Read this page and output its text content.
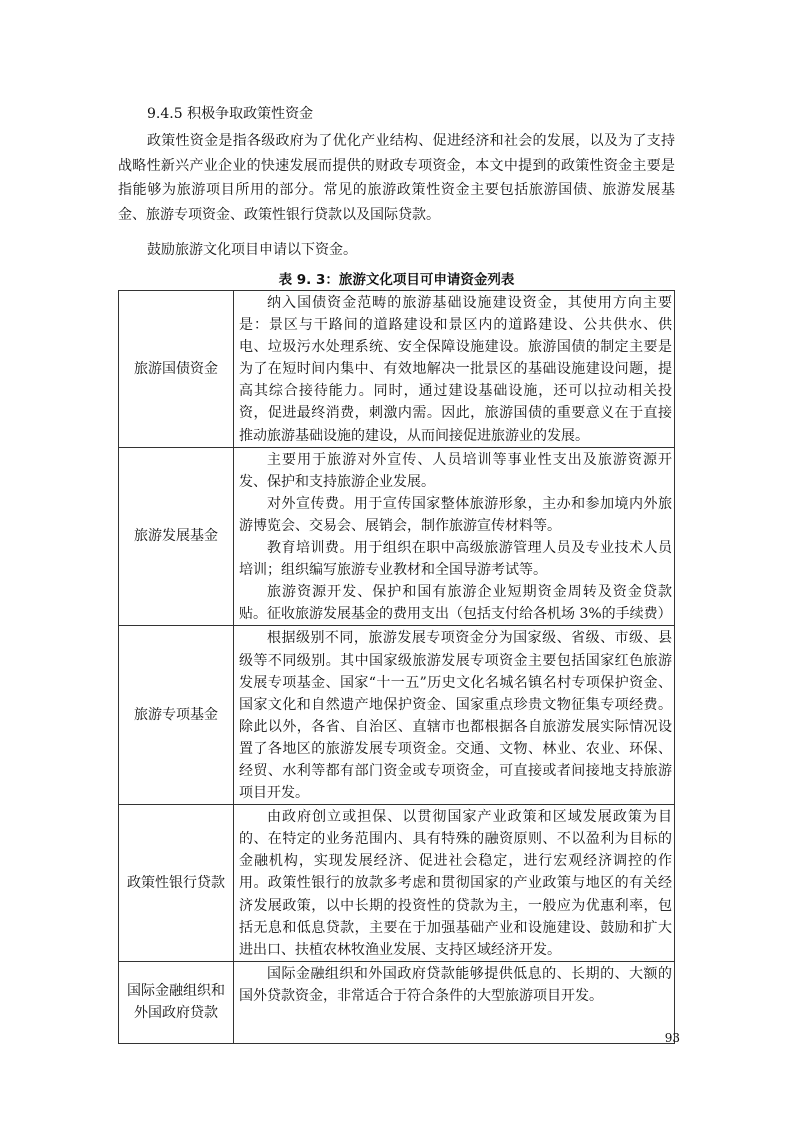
9.4.5 积极争取政策性资金

政策性资金是指各级政府为了优化产业结构、促进经济和社会的发展，以及为了支持战略性新兴产业企业的快速发展而提供的财政专项资金，本文中提到的政策性资金主要是指能够为旅游项目所用的部分。常见的旅游政策性资金主要包括旅游国债、旅游发展基金、旅游专项资金、政策性银行贷款以及国际贷款。

鼓励旅游文化项目申请以下资金。

表 9. 3：旅游文化项目可申请资金列表

旅游国债资金	纳入国债资金范畴的旅游基础设施建设资金，其使用方向主要是：景区与干路间的道路建设和景区内的道路建设、公共供水、供电、垃圾污水处理系统、安全保障设施建设。旅游国债的制定主要是为了在短时间内集中、有效地解决一批景区的基础设施建设问题，提高其综合接待能力。同时，通过建设基础设施，还可以拉动相关投资，促进最终消费，刺激内需。因此，旅游国债的重要意义在于直接推动旅游基础设施的建设，从而间接促进旅游业的发展。

旅游发展基金	主要用于旅游对外宣传、人员培训等事业性支出及旅游资源开发、保护和支持旅游企业发展。

对外宣传费。用于宣传国家整体旅游形象，主办和参加境内外旅游博览会、交易会、展销会，制作旅游宣传材料等。

教育培训费。用于组织在职中高级旅游管理人员及专业技术人员培训；组织编写旅游专业教材和全国导游考试等。

旅游资源开发、保护和国有旅游企业短期资金周转及资金贷款贴。征收旅游发展基金的费用支出（包括支付给各机场 3%的手续费）

旅游专项基金	根据级别不同，旅游发展专项资金分为国家级、省级、市级、县级等不同级别。其中国家级旅游发展专项资金主要包括国家红色旅游发展专项基金、国家“十一五”历史文化名城名镇名村专项保护资金、国家文化和自然遗产地保护资金、国家重点珍贵文物征集专项经费。除此以外，各省、自治区、直辖市也都根据各自旅游发展实际情况设置了各地区的旅游发展专项资金。交通、文物、林业、农业、环保、经贸、水利等都有部门资金或专项资金，可直接或者间接地支持旅游项目开发。

政策性银行贷款	由政府创立或担保、以贯彻国家产业政策和区域发展政策为目的、在特定的业务范围内、具有特殊的融资原则、不以盈利为目标的金融机构，实现发展经济、促进社会稳定，进行宏观经济调控的作用。政策性银行的放款多考虑和贯彻国家的产业政策与地区的有关经济发展政策，以中长期的投资性的贷款为主，一般应为优惠利率，包括无息和低息贷款，主要在于加强基础产业和设施建设、鼓励和扩大进出口、扶植农林牧渔业发展、支持区域经济开发。

国际金融组织和外国政府贷款	国际金融组织和外国政府贷款能够提供低息的、长期的、大额的国外贷款资金，非常适合于符合条件的大型旅游项目开发。

93
